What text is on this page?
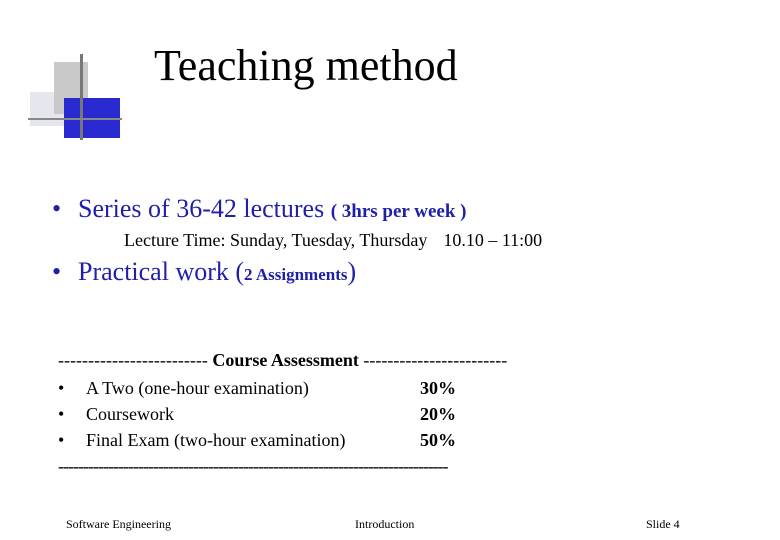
Teaching method
• Series of 36-42 lectures ( 3hrs per week )
Lecture Time: Sunday, Tuesday, Thursday 10.10 – 11:00
• Practical work (2 Assignments)
------------------------- Course Assessment ------------------------
• A Two (one-hour examination)	30%
• Coursework	20%
• Final Exam (two-hour examination)	50%
------------------------------------------------------------------------------
Software Engineering	Introduction	Slide 4
